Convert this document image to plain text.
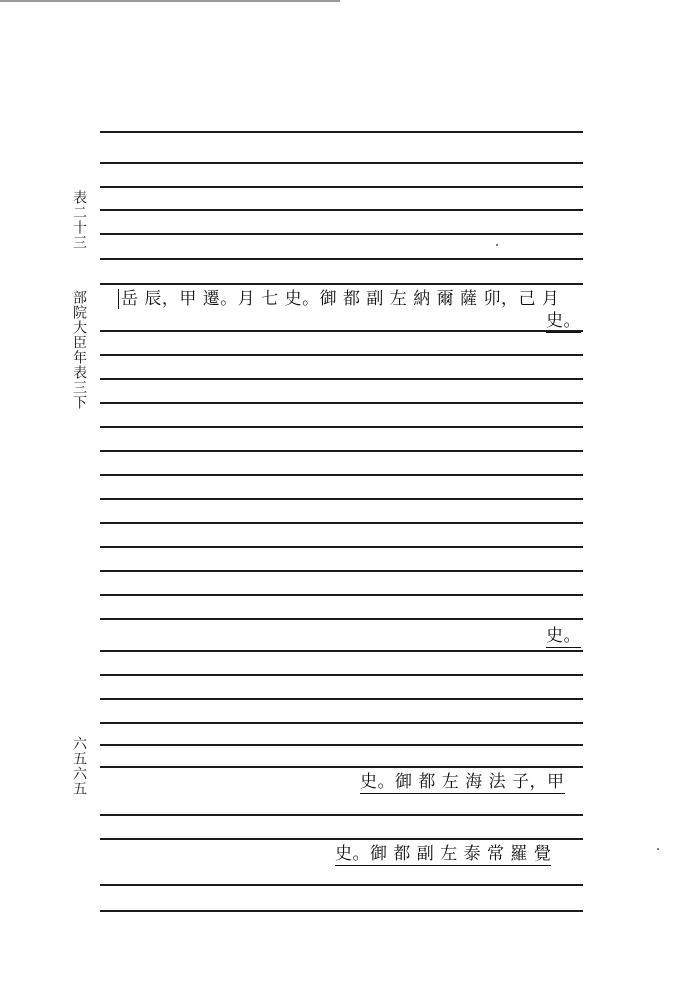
表二十三
部院大臣年表三下
六五六五
岳 辰，甲 遷。月 七 史。御 都 副 左 納 爾 薩 卯，己 月
史。
史。
史。御 都 左 海 法 子，甲
史。御 都 副 左 泰 常 羅 覺
